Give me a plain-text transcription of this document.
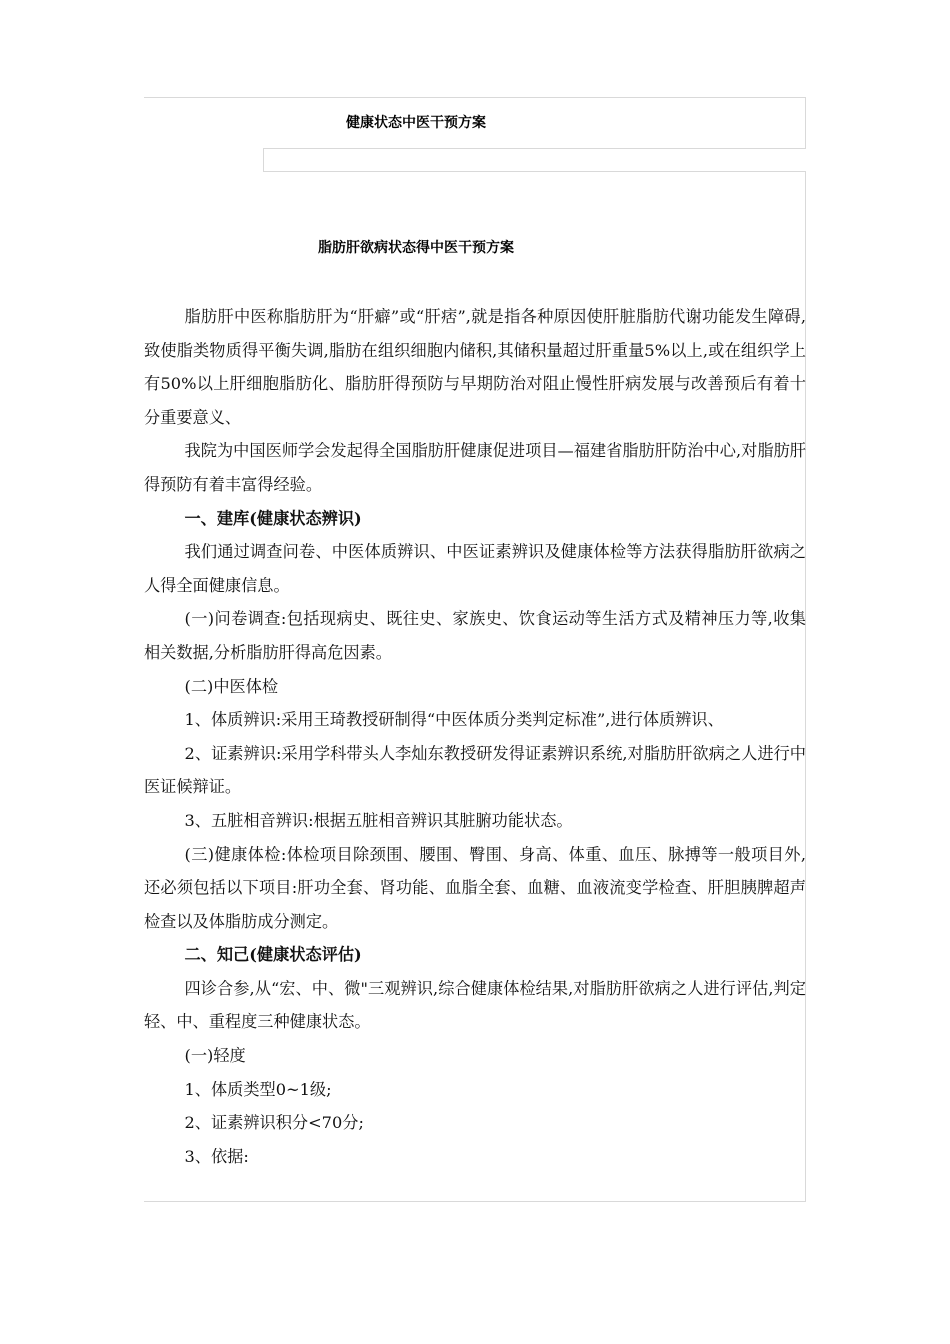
健康状态中医干预方案
脂肪肝欲病状态得中医干预方案

脂肪肝中医称脂肪肝为“肝癖”或“肝痞”,就是指各种原因使肝脏脂肪代谢功能发生障碍,致使脂类物质得平衡失调,脂肪在组织细胞内储积,其储积量超过肝重量5%以上,或在组织学上有50%以上肝细胞脂肪化、脂肪肝得预防与早期防治对阻止慢性肝病发展与改善预后有着十分重要意义、

我院为中国医师学会发起得全国脂肪肝健康促进项目—福建省脂肪肝防治中心,对脂肪肝得预防有着丰富得经验。

一、建库(健康状态辨识)

我们通过调查问卷、中医体质辨识、中医证素辨识及健康体检等方法获得脂肪肝欲病之人得全面健康信息。

(一)问卷调查:包括现病史、既往史、家族史、饮食运动等生活方式及精神压力等,收集相关数据,分析脂肪肝得高危因素。

(二)中医体检

1、体质辨识:采用王琦教授研制得“中医体质分类判定标准”,进行体质辨识、

2、证素辨识:采用学科带头人李灿东教授研发得证素辨识系统,对脂肪肝欲病之人进行中医证候辩证。

3、五脏相音辨识:根据五脏相音辨识其脏腑功能状态。

(三)健康体检:体检项目除颈围、腰围、臀围、身高、体重、血压、脉搏等一般项目外,还必须包括以下项目:肝功全套、肾功能、血脂全套、血糖、血液流变学检查、肝胆胰脾超声检查以及体脂肪成分测定。

二、知己(健康状态评估)

四诊合参,从“宏、中、微"三观辨识,综合健康体检结果,对脂肪肝欲病之人进行评估,判定轻、中、重程度三种健康状态。

(一)轻度

1、体质类型0~1级;

2、证素辨识积分<70分;

3、依据:
